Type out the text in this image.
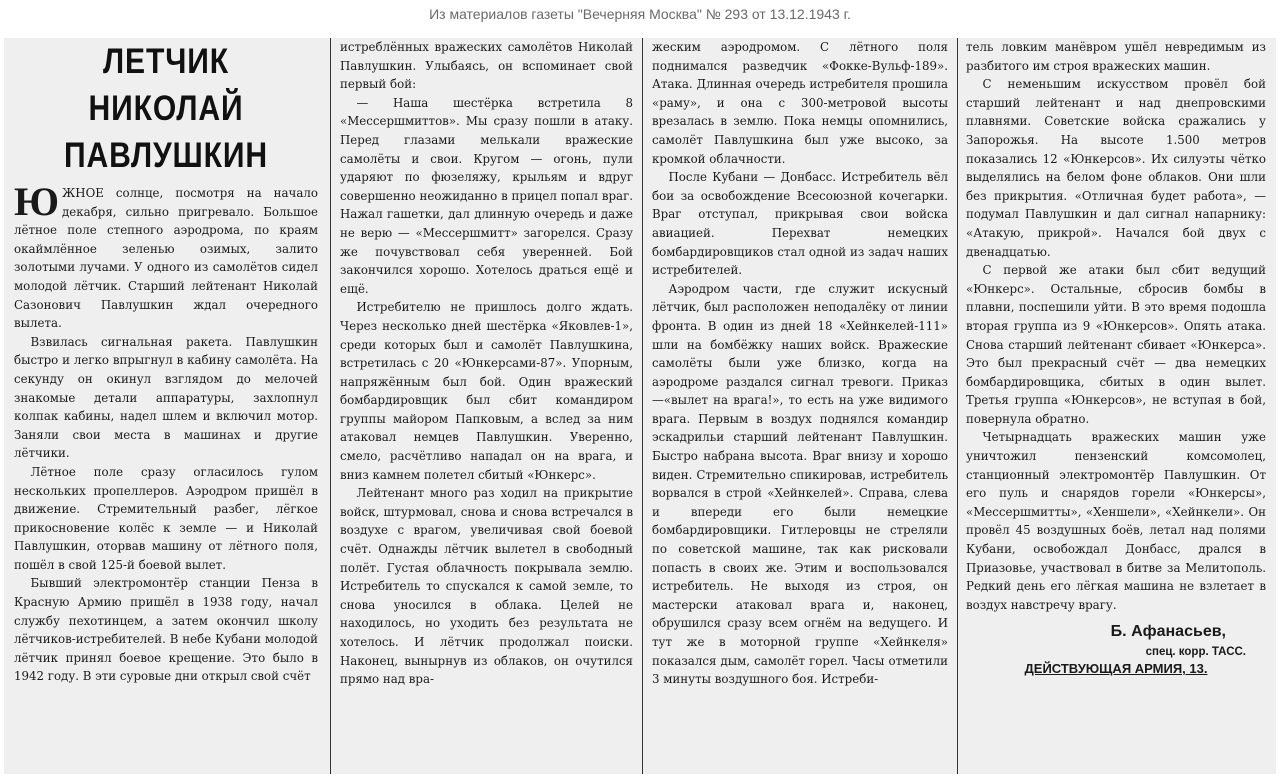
Из материалов газеты "Вечерняя Москва" № 293 от 13.12.1943 г.
ЛЕТЧИК
НИКОЛАЙ
ПАВЛУШКИН

ЮЖНОЕ солнце, посмотря на начало декабря, сильно пригревало. Большое лётное поле степного аэродрома, по краям окаймлённое зеленью озимых, залито золотыми лучами. У одного из самолётов сидел молодой лётчик. Старший лейтенант Николай Сазонович Павлушкин ждал очередного вылета.

Взвилась сигнальная ракета. Павлушкин быстро и легко впрыгнул в кабину самолёта. На секунду он окинул взглядом до мелочей знакомые детали аппаратуры, захлопнул колпак кабины, надел шлем и включил мотор. Заняли свои места в машинах и другие лётчики.

Лётное поле сразу огласилось гулом нескольких пропеллеров. Аэродром пришёл в движение. Стремительный разбег, лёгкое прикосновение колёс к земле — и Николай Павлушкин, оторвав машину от лётного поля, пошёл в свой 125-й боевой вылет.

Бывший электромонтёр станции Пенза в Красную Армию пришёл в 1938 году, начал службу пехотинцем, а затем окончил школу лётчиков-истребителей. В небе Кубани молодой лётчик принял боевое крещение. Это было в 1942 году. В эти суровые дни открыл свой счёт

истреблённых вражеских самолётов Николай Павлушкин. Улыбаясь, он вспоминает свой первый бой:

— Наша шестёрка встретила 8 «Мессершмиттов». Мы сразу пошли в атаку. Перед глазами мелькали вражеские самолёты и свои. Кругом — огонь, пули ударяют по фюзеляжу, крыльям и вдруг совершенно неожиданно в прицел попал враг. Нажал гашетки, дал длинную очередь и даже не верю — «Мессершмитт» загорелся. Сразу же почувствовал себя уверенней. Бой закончился хорошо. Хотелось драться ещё и ещё.

Истребителю не пришлось долго ждать. Через несколько дней шестёрка «Яковлев-1», среди которых был и самолёт Павлушкина, встретилась с 20 «Юнкерсами-87». Упорным, напряжённым был бой. Один вражеский бомбардировщик был сбит командиром группы майором Папковым, а вслед за ним атаковал немцев Павлушкин. Уверенно, смело, расчётливо нападал он на врага, и вниз камнем полетел сбитый «Юнкерс».

Лейтенант много раз ходил на прикрытие войск, штурмовал, снова и снова встречался в воздухе с врагом, увеличивая свой боевой счёт. Однажды лётчик вылетел в свободный полёт. Густая облачность покрывала землю. Истребитель то спускался к самой земле, то снова уносился в облака. Целей не находилось, но уходить без результата не хотелось. И лётчик продолжал поиски. Наконец, вынырнув из облаков, он очутился прямо над вра-

жеским аэродромом. С лётного поля поднимался разведчик «Фокке-Вульф-189». Атака. Длинная очередь истребителя прошила «раму», и она с 300-метровой высоты врезалась в землю. Пока немцы опомнились, самолёт Павлушкина был уже высоко, за кромкой облачности.

После Кубани — Донбасс. Истребитель вёл бои за освобождение Всесоюзной кочегарки. Враг отступал, прикрывая свои войска авиацией. Перехват немецких бомбардировщиков стал одной из задач наших истребителей.

Аэродром части, где служит искусный лётчик, был расположен неподалёку от линии фронта. В один из дней 18 «Хейнкелей-111» шли на бомбёжку наших войск. Вражеские самолёты были уже близко, когда на аэродроме раздался сигнал тревоги. Приказ—«вылет на врага!», то есть на уже видимого врага. Первым в воздух поднялся командир эскадрильи старший лейтенант Павлушкин. Быстро набрана высота. Враг внизу и хорошо виден. Стремительно спикировав, истребитель ворвался в строй «Хейнкелей». Справа, слева и впереди его были немецкие бомбардировщики. Гитлеровцы не стреляли по советской машине, так как рисковали попасть в своих же. Этим и воспользовался истребитель. Не выходя из строя, он мастерски атаковал врага и, наконец, обрушился сразу всем огнём на ведущего. И тут же в моторной группе «Хейнкеля» показался дым, самолёт горел. Часы отметили 3 минуты воздушного боя. Истреби-

тель ловким манёвром ушёл невредимым из разбитого им строя вражеских машин.

С неменьшим искусством провёл бой старший лейтенант и над днепровскими плавнями. Советские войска сражались у Запорожья. На высоте 1.500 метров показались 12 «Юнкерсов». Их силуэты чётко выделялись на белом фоне облаков. Они шли без прикрытия. «Отличная будет работа», — подумал Павлушкин и дал сигнал напарнику: «Атакую, прикрой». Начался бой двух с двенадцатью.

С первой же атаки был сбит ведущий «Юнкерс». Остальные, сбросив бомбы в плавни, поспешили уйти. В это время подошла вторая группа из 9 «Юнкерсов». Опять атака. Снова старший лейтенант сбивает «Юнкерса». Это был прекрасный счёт — два немецких бомбардировщика, сбитых в один вылет. Третья группа «Юнкерсов», не вступая в бой, повернула обратно.

Четырнадцать вражеских машин уже уничтожил пензенский комсомолец, станционный электромонтёр Павлушкин. От его пуль и снарядов горели «Юнкерсы», «Мессершмитты», «Хеншели», «Хейнкели». Он провёл 45 воздушных боёв, летал над полями Кубани, освобождал Донбасс, дрался в Приазовье, участвовал в битве за Мелитополь. Редкий день его лёгкая машина не взлетает в воздух навстречу врагу.

Б. Афанасьев,
спец. корр. ТАСС.
ДЕЙСТВУЮЩАЯ АРМИЯ, 13.
